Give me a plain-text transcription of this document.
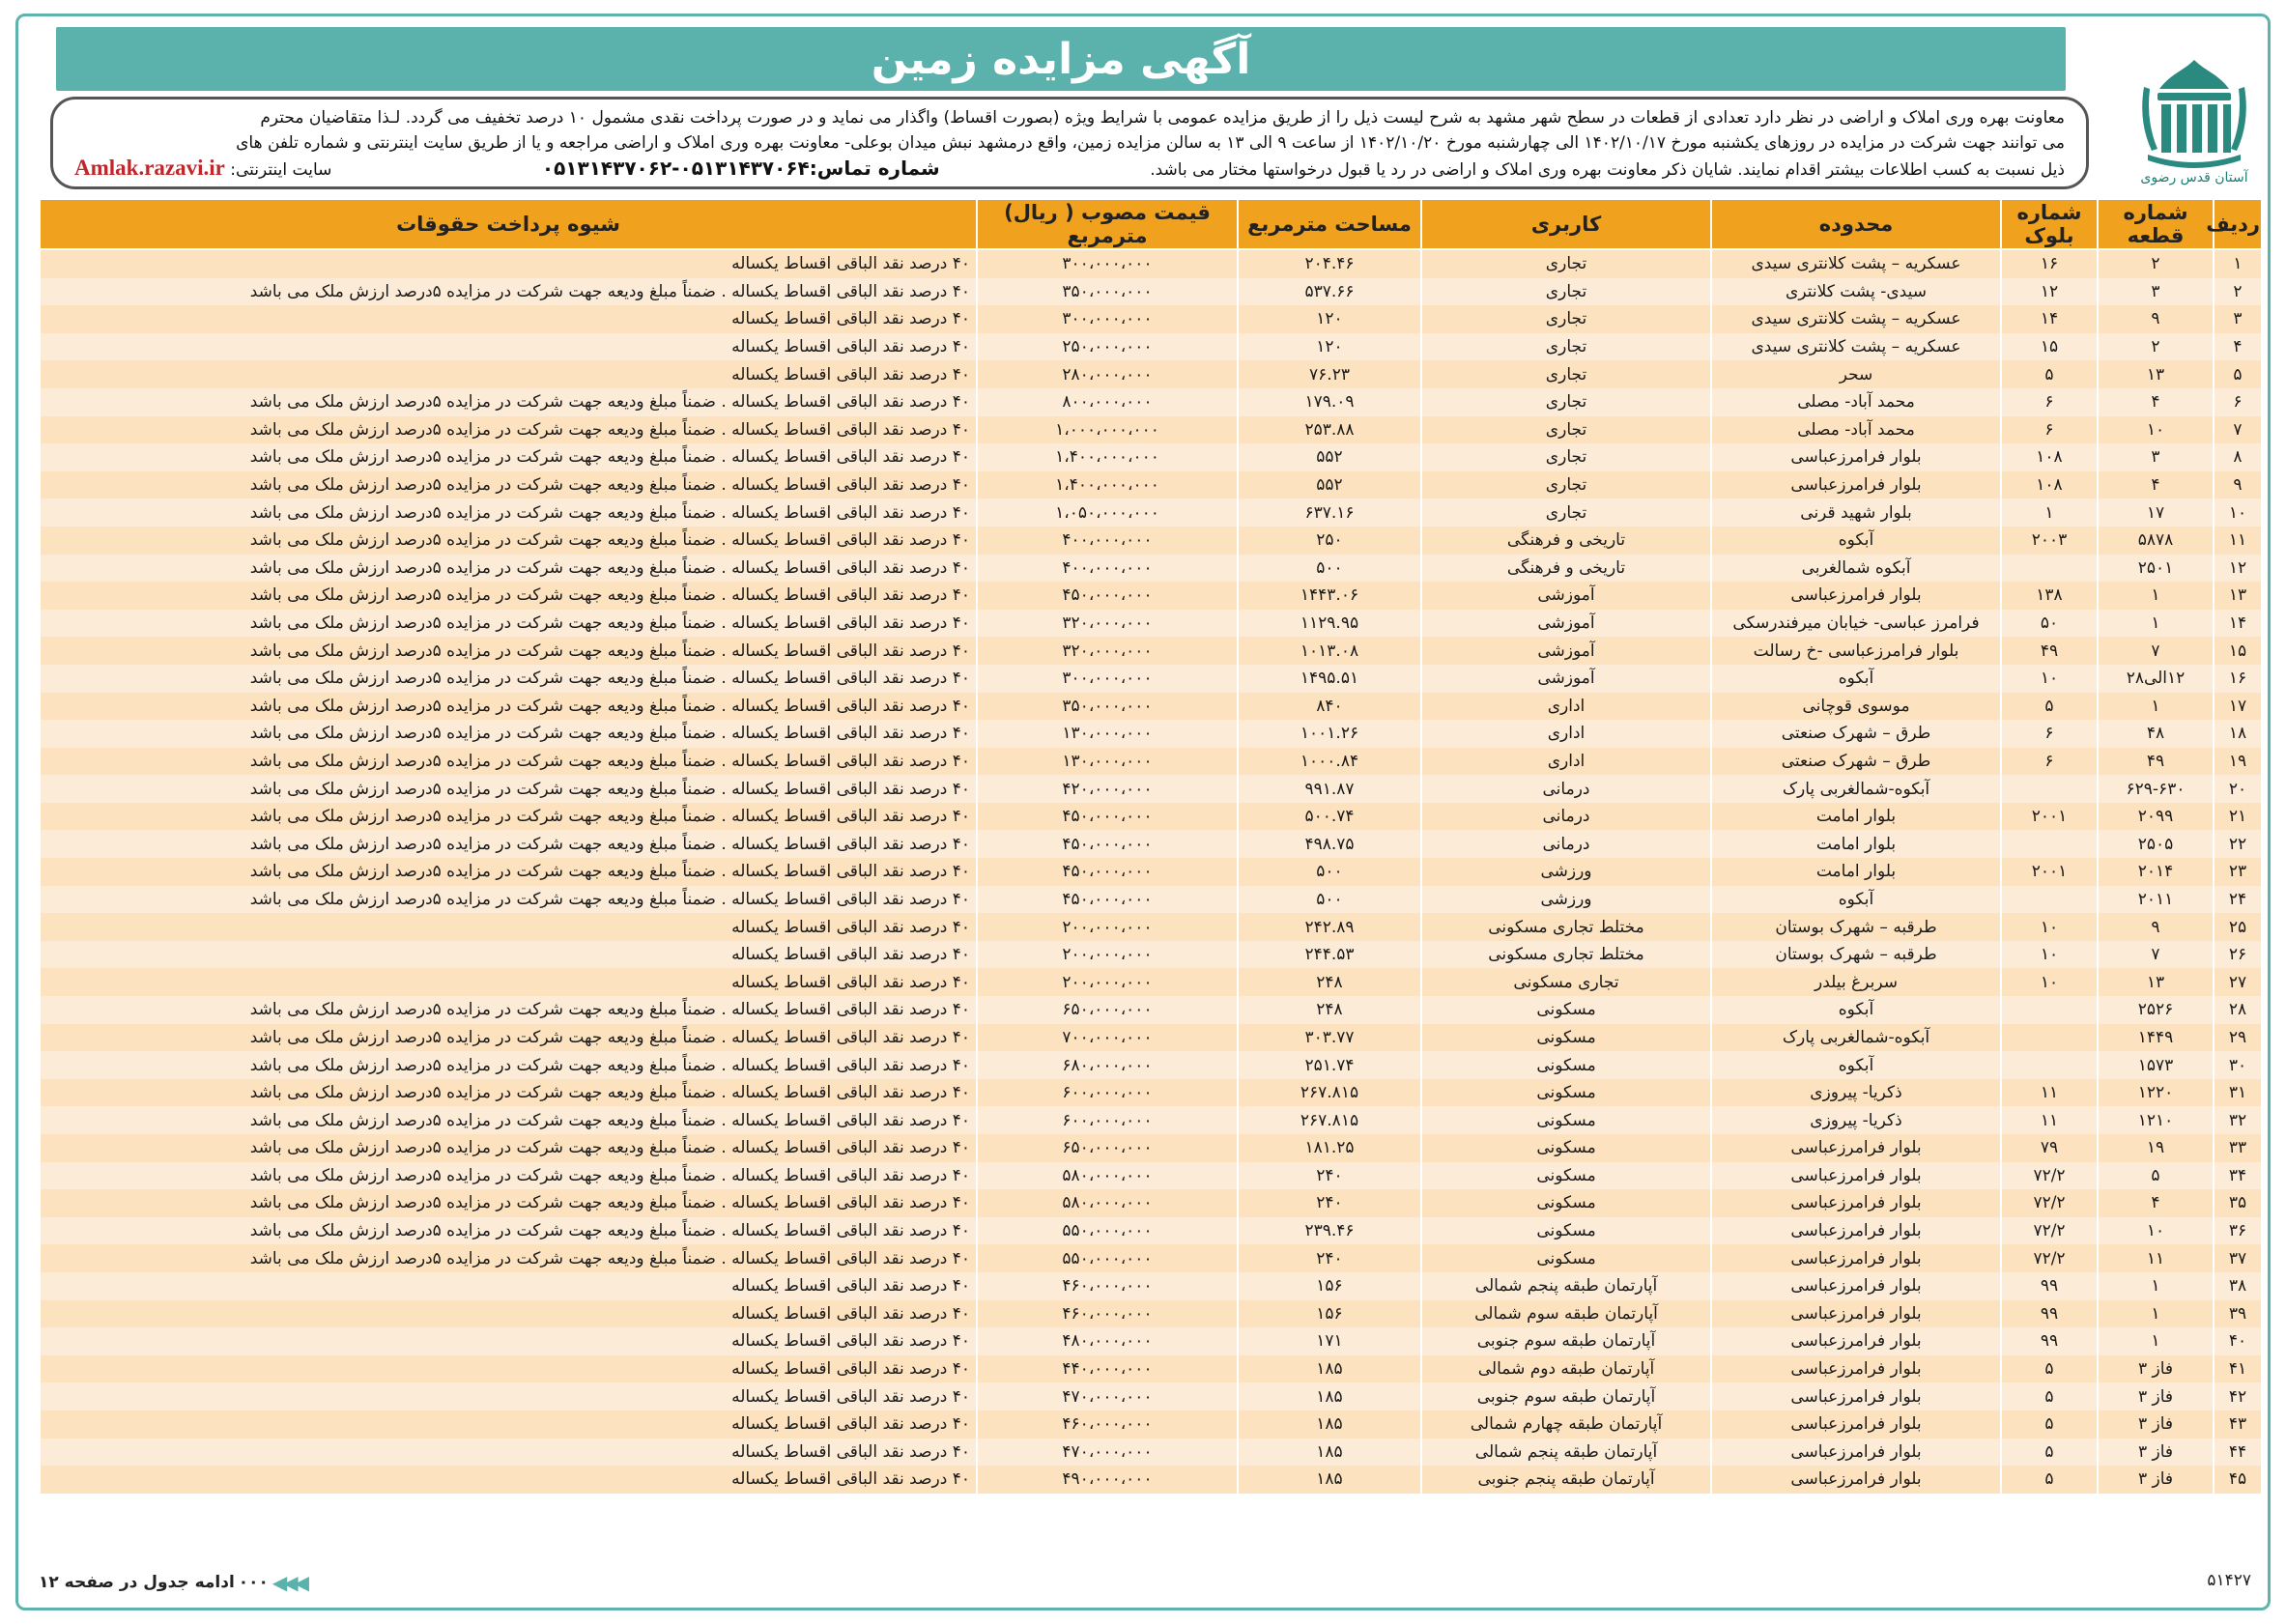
آگهی مزایده زمین
آستان قدس رضوی
معاونت بهره وری املاک و اراضی در نظر دارد تعدادی از قطعات در سطح شهر مشهد به شرح لیست ذیل را از طریق مزایده عمومی با شرایط ویژه (بصورت اقساط) واگذار می نماید و در صورت پرداخت نقدی مشمول ۱۰ درصد تخفیف می گردد. لـذا متقاضیان محترم
می توانند جهت شرکت در مزایده در روزهای یکشنبه مورخ ۱۴۰۲/۱۰/۱۷ الی چهارشنبه مورخ ۱۴۰۲/۱۰/۲۰ از ساعت ۹ الی ۱۳ به سالن مزایده زمین، واقع درمشهد نبش میدان بوعلی- معاونت بهره وری املاک و اراضی مراجعه و یا از طریق سایت اینترنتی و شماره تلفن های
ذیل نسبت به کسب اطلاعات بیشتر اقدام نمایند. شایان ذکر معاونت بهره وری املاک و اراضی در رد یا قبول درخواستها مختار می باشد.
شماره تماس:۰۵۱۳۱۴۳۷۰۶۴-۰۵۱۳۱۴۳۷۰۶۲
سایت اینترنتی: Amlak.razavi.ir
ردیف	شماره قطعه	شماره بلوک	محدوده	کاربری	مساحت مترمربع	قیمت مصوب ( ریال) مترمربع	شیوه پرداخت حقوقات
۱	۲	۱۶	عسکریه – پشت کلانتری سیدی	تجاری	۲۰۴.۴۶	۳۰۰،۰۰۰،۰۰۰	۴۰ درصد نقد الباقی اقساط یکساله
۲	۳	۱۲	سیدی- پشت کلانتری	تجاری	۵۳۷.۶۶	۳۵۰،۰۰۰،۰۰۰	۴۰ درصد نقد الباقی اقساط یکساله . ضمناً مبلغ ودیعه جهت شرکت در مزایده ۵درصد ارزش ملک می باشد
۳	۹	۱۴	عسکریه – پشت کلانتری سیدی	تجاری	۱۲۰	۳۰۰،۰۰۰،۰۰۰	۴۰ درصد نقد الباقی اقساط یکساله
۴	۲	۱۵	عسکریه – پشت کلانتری سیدی	تجاری	۱۲۰	۲۵۰،۰۰۰،۰۰۰	۴۰ درصد نقد الباقی اقساط یکساله
۵	۱۳	۵	سحر	تجاری	۷۶.۲۳	۲۸۰،۰۰۰،۰۰۰	۴۰ درصد نقد الباقی اقساط یکساله
۶	۴	۶	محمد آباد- مصلی	تجاری	۱۷۹.۰۹	۸۰۰،۰۰۰،۰۰۰	۴۰ درصد نقد الباقی اقساط یکساله . ضمناً مبلغ ودیعه جهت شرکت در مزایده ۵درصد ارزش ملک می باشد
۷	۱۰	۶	محمد آباد- مصلی	تجاری	۲۵۳.۸۸	۱،۰۰۰،۰۰۰،۰۰۰	۴۰ درصد نقد الباقی اقساط یکساله . ضمناً مبلغ ودیعه جهت شرکت در مزایده ۵درصد ارزش ملک می باشد
۸	۳	۱۰۸	بلوار فرامرزعباسی	تجاری	۵۵۲	۱،۴۰۰،۰۰۰،۰۰۰	۴۰ درصد نقد الباقی اقساط یکساله . ضمناً مبلغ ودیعه جهت شرکت در مزایده ۵درصد ارزش ملک می باشد
۹	۴	۱۰۸	بلوار فرامرزعباسی	تجاری	۵۵۲	۱،۴۰۰،۰۰۰،۰۰۰	۴۰ درصد نقد الباقی اقساط یکساله . ضمناً مبلغ ودیعه جهت شرکت در مزایده ۵درصد ارزش ملک می باشد
۱۰	۱۷	۱	بلوار شهید قرنی	تجاری	۶۳۷.۱۶	۱،۰۵۰،۰۰۰،۰۰۰	۴۰ درصد نقد الباقی اقساط یکساله . ضمناً مبلغ ودیعه جهت شرکت در مزایده ۵درصد ارزش ملک می باشد
۱۱	۵۸۷۸	۲۰۰۳	آبکوه	تاریخی و فرهنگی	۲۵۰	۴۰۰،۰۰۰،۰۰۰	۴۰ درصد نقد الباقی اقساط یکساله . ضمناً مبلغ ودیعه جهت شرکت در مزایده ۵درصد ارزش ملک می باشد
۱۲	۲۵۰۱		آبکوه شمالغربی	تاریخی و فرهنگی	۵۰۰	۴۰۰،۰۰۰،۰۰۰	۴۰ درصد نقد الباقی اقساط یکساله . ضمناً مبلغ ودیعه جهت شرکت در مزایده ۵درصد ارزش ملک می باشد
۱۳	۱	۱۳۸	بلوار فرامرزعباسی	آموزشی	۱۴۴۳.۰۶	۴۵۰،۰۰۰،۰۰۰	۴۰ درصد نقد الباقی اقساط یکساله . ضمناً مبلغ ودیعه جهت شرکت در مزایده ۵درصد ارزش ملک می باشد
۱۴	۱	۵۰	فرامرز عباسی- خیابان میرفندرسکی	آموزشی	۱۱۲۹.۹۵	۳۲۰،۰۰۰،۰۰۰	۴۰ درصد نقد الباقی اقساط یکساله . ضمناً مبلغ ودیعه جهت شرکت در مزایده ۵درصد ارزش ملک می باشد
۱۵	۷	۴۹	بلوار فرامرزعباسی -خ رسالت	آموزشی	۱۰۱۳.۰۸	۳۲۰،۰۰۰،۰۰۰	۴۰ درصد نقد الباقی اقساط یکساله . ضمناً مبلغ ودیعه جهت شرکت در مزایده ۵درصد ارزش ملک می باشد
۱۶	۱۲الی۲۸	۱۰	آبکوه	آموزشی	۱۴۹۵.۵۱	۳۰۰،۰۰۰،۰۰۰	۴۰ درصد نقد الباقی اقساط یکساله . ضمناً مبلغ ودیعه جهت شرکت در مزایده ۵درصد ارزش ملک می باشد
۱۷	۱	۵	موسوی قوچانی	اداری	۸۴۰	۳۵۰،۰۰۰،۰۰۰	۴۰ درصد نقد الباقی اقساط یکساله . ضمناً مبلغ ودیعه جهت شرکت در مزایده ۵درصد ارزش ملک می باشد
۱۸	۴۸	۶	طرق – شهرک صنعتی	اداری	۱۰۰۱.۲۶	۱۳۰،۰۰۰،۰۰۰	۴۰ درصد نقد الباقی اقساط یکساله . ضمناً مبلغ ودیعه جهت شرکت در مزایده ۵درصد ارزش ملک می باشد
۱۹	۴۹	۶	طرق – شهرک صنعتی	اداری	۱۰۰۰.۸۴	۱۳۰،۰۰۰،۰۰۰	۴۰ درصد نقد الباقی اقساط یکساله . ضمناً مبلغ ودیعه جهت شرکت در مزایده ۵درصد ارزش ملک می باشد
۲۰	۶۲۹-۶۳۰		آبکوه-شمالغربی پارک	درمانی	۹۹۱.۸۷	۴۲۰،۰۰۰،۰۰۰	۴۰ درصد نقد الباقی اقساط یکساله . ضمناً مبلغ ودیعه جهت شرکت در مزایده ۵درصد ارزش ملک می باشد
۲۱	۲۰۹۹	۲۰۰۱	بلوار امامت	درمانی	۵۰۰.۷۴	۴۵۰،۰۰۰،۰۰۰	۴۰ درصد نقد الباقی اقساط یکساله . ضمناً مبلغ ودیعه جهت شرکت در مزایده ۵درصد ارزش ملک می باشد
۲۲	۲۵۰۵		بلوار امامت	درمانی	۴۹۸.۷۵	۴۵۰،۰۰۰،۰۰۰	۴۰ درصد نقد الباقی اقساط یکساله . ضمناً مبلغ ودیعه جهت شرکت در مزایده ۵درصد ارزش ملک می باشد
۲۳	۲۰۱۴	۲۰۰۱	بلوار امامت	ورزشی	۵۰۰	۴۵۰،۰۰۰،۰۰۰	۴۰ درصد نقد الباقی اقساط یکساله . ضمناً مبلغ ودیعه جهت شرکت در مزایده ۵درصد ارزش ملک می باشد
۲۴	۲۰۱۱		آبکوه	ورزشی	۵۰۰	۴۵۰،۰۰۰،۰۰۰	۴۰ درصد نقد الباقی اقساط یکساله . ضمناً مبلغ ودیعه جهت شرکت در مزایده ۵درصد ارزش ملک می باشد
۲۵	۹	۱۰	طرقبه – شهرک بوستان	مختلط تجاری مسکونی	۲۴۲.۸۹	۲۰۰،۰۰۰،۰۰۰	۴۰ درصد نقد الباقی اقساط یکساله
۲۶	۷	۱۰	طرقبه – شهرک بوستان	مختلط تجاری مسکونی	۲۴۴.۵۳	۲۰۰،۰۰۰،۰۰۰	۴۰ درصد نقد الباقی اقساط یکساله
۲۷	۱۳	۱۰	سربرغ بیلدر	تجاری مسکونی	۲۴۸	۲۰۰،۰۰۰،۰۰۰	۴۰ درصد نقد الباقی اقساط یکساله
۲۸	۲۵۲۶		آبکوه	مسکونی	۲۴۸	۶۵۰،۰۰۰،۰۰۰	۴۰ درصد نقد الباقی اقساط یکساله . ضمناً مبلغ ودیعه جهت شرکت در مزایده ۵درصد ارزش ملک می باشد
۲۹	۱۴۴۹		آبکوه-شمالغربی پارک	مسکونی	۳۰۳.۷۷	۷۰۰،۰۰۰،۰۰۰	۴۰ درصد نقد الباقی اقساط یکساله . ضمناً مبلغ ودیعه جهت شرکت در مزایده ۵درصد ارزش ملک می باشد
۳۰	۱۵۷۳		آبکوه	مسکونی	۲۵۱.۷۴	۶۸۰،۰۰۰،۰۰۰	۴۰ درصد نقد الباقی اقساط یکساله . ضمناً مبلغ ودیعه جهت شرکت در مزایده ۵درصد ارزش ملک می باشد
۳۱	۱۲۲۰	۱۱	ذکریا- پیروزی	مسکونی	۲۶۷.۸۱۵	۶۰۰،۰۰۰،۰۰۰	۴۰ درصد نقد الباقی اقساط یکساله . ضمناً مبلغ ودیعه جهت شرکت در مزایده ۵درصد ارزش ملک می باشد
۳۲	۱۲۱۰	۱۱	ذکریا- پیروزی	مسکونی	۲۶۷.۸۱۵	۶۰۰،۰۰۰،۰۰۰	۴۰ درصد نقد الباقی اقساط یکساله . ضمناً مبلغ ودیعه جهت شرکت در مزایده ۵درصد ارزش ملک می باشد
۳۳	۱۹	۷۹	بلوار فرامرزعباسی	مسکونی	۱۸۱.۲۵	۶۵۰،۰۰۰،۰۰۰	۴۰ درصد نقد الباقی اقساط یکساله . ضمناً مبلغ ودیعه جهت شرکت در مزایده ۵درصد ارزش ملک می باشد
۳۴	۵	۷۲/۲	بلوار فرامرزعباسی	مسکونی	۲۴۰	۵۸۰،۰۰۰،۰۰۰	۴۰ درصد نقد الباقی اقساط یکساله . ضمناً مبلغ ودیعه جهت شرکت در مزایده ۵درصد ارزش ملک می باشد
۳۵	۴	۷۲/۲	بلوار فرامرزعباسی	مسکونی	۲۴۰	۵۸۰،۰۰۰،۰۰۰	۴۰ درصد نقد الباقی اقساط یکساله . ضمناً مبلغ ودیعه جهت شرکت در مزایده ۵درصد ارزش ملک می باشد
۳۶	۱۰	۷۲/۲	بلوار فرامرزعباسی	مسکونی	۲۳۹.۴۶	۵۵۰،۰۰۰،۰۰۰	۴۰ درصد نقد الباقی اقساط یکساله . ضمناً مبلغ ودیعه جهت شرکت در مزایده ۵درصد ارزش ملک می باشد
۳۷	۱۱	۷۲/۲	بلوار فرامرزعباسی	مسکونی	۲۴۰	۵۵۰،۰۰۰،۰۰۰	۴۰ درصد نقد الباقی اقساط یکساله . ضمناً مبلغ ودیعه جهت شرکت در مزایده ۵درصد ارزش ملک می باشد
۳۸	۱	۹۹	بلوار فرامرزعباسی	آپارتمان طبقه پنجم شمالی	۱۵۶	۴۶۰،۰۰۰،۰۰۰	۴۰ درصد نقد الباقی اقساط یکساله
۳۹	۱	۹۹	بلوار فرامرزعباسی	آپارتمان طبقه سوم شمالی	۱۵۶	۴۶۰،۰۰۰،۰۰۰	۴۰ درصد نقد الباقی اقساط یکساله
۴۰	۱	۹۹	بلوار فرامرزعباسی	آپارتمان طبقه سوم جنوبی	۱۷۱	۴۸۰،۰۰۰،۰۰۰	۴۰ درصد نقد الباقی اقساط یکساله
۴۱	فاز ۳	۵	بلوار فرامرزعباسی	آپارتمان طبقه دوم شمالی	۱۸۵	۴۴۰،۰۰۰،۰۰۰	۴۰ درصد نقد الباقی اقساط یکساله
۴۲	فاز ۳	۵	بلوار فرامرزعباسی	آپارتمان طبقه سوم جنوبی	۱۸۵	۴۷۰،۰۰۰،۰۰۰	۴۰ درصد نقد الباقی اقساط یکساله
۴۳	فاز ۳	۵	بلوار فرامرزعباسی	آپارتمان طبقه چهارم شمالی	۱۸۵	۴۶۰،۰۰۰،۰۰۰	۴۰ درصد نقد الباقی اقساط یکساله
۴۴	فاز ۳	۵	بلوار فرامرزعباسی	آپارتمان طبقه پنجم شمالی	۱۸۵	۴۷۰،۰۰۰،۰۰۰	۴۰ درصد نقد الباقی اقساط یکساله
۴۵	فاز ۳	۵	بلوار فرامرزعباسی	آپارتمان طبقه پنجم جنوبی	۱۸۵	۴۹۰،۰۰۰،۰۰۰	۴۰ درصد نقد الباقی اقساط یکساله
◀◀◀
۰۰۰
ادامه جدول در صفحه ۱۲	۵۱۴۲۷
